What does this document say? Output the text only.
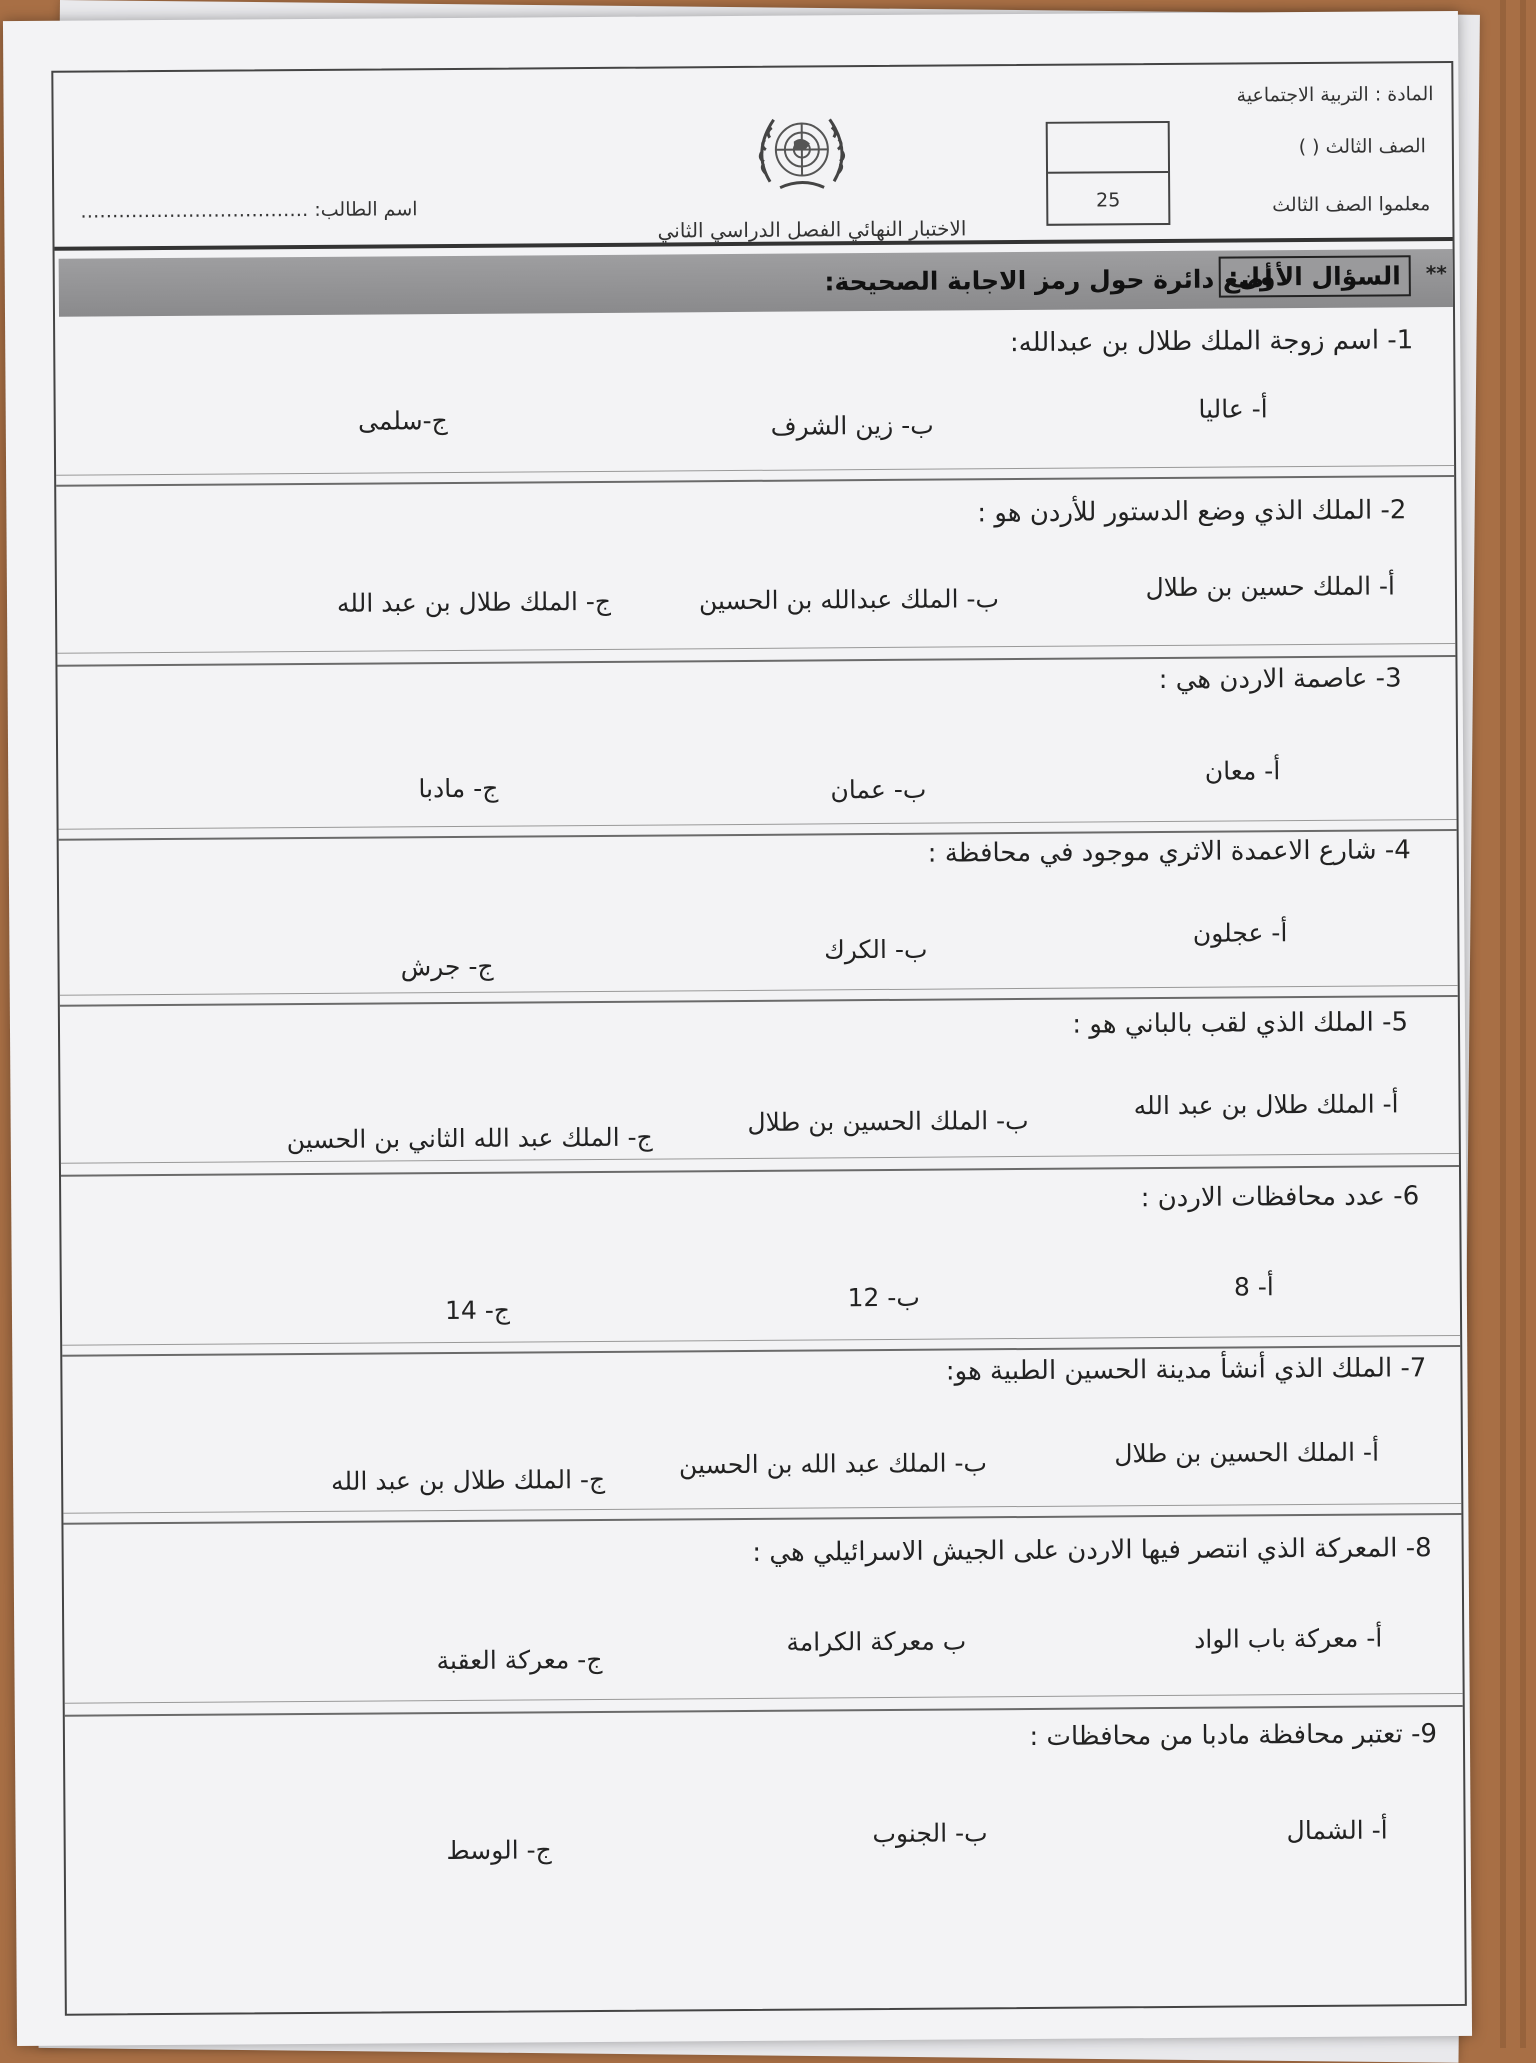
المادة : التربية الاجتماعية
الصف الثالث ( )
معلموا الصف الثالث
25
الاختبار النهائي الفصل الدراسي الثاني
اسم الطالب: ………………………………
**
السؤال الأول:
أضع دائرة حول رمز الاجابة الصحيحة:
1- اسم زوجة الملك طلال بن عبدالله:
أ- عاليا
ب- زين الشرف
ج-سلمى
2- الملك الذي وضع الدستور للأردن هو :
أ- الملك حسين بن طلال
ب- الملك عبدالله بن الحسين
ج- الملك طلال بن عبد الله
3- عاصمة الاردن هي :
أ- معان
ب- عمان
ج- مادبا
4- شارع الاعمدة الاثري موجود في محافظة :
أ- عجلون
ب- الكرك
ج- جرش
5- الملك الذي لقب بالباني هو :
أ- الملك طلال بن عبد الله
ب- الملك الحسين بن طلال
ج- الملك عبد الله الثاني بن الحسين
6- عدد محافظات الاردن :
أ- 8
ب- 12
ج- 14
7- الملك الذي أنشأ مدينة الحسين الطبية هو:
أ- الملك الحسين بن طلال
ب- الملك عبد الله بن الحسين
ج- الملك طلال بن عبد الله
8- المعركة الذي انتصر فيها الاردن على الجيش الاسرائيلي هي :
أ- معركة باب الواد
ب معركة الكرامة
ج- معركة العقبة
9- تعتبر محافظة مادبا من محافظات :
أ- الشمال
ب- الجنوب
ج- الوسط
